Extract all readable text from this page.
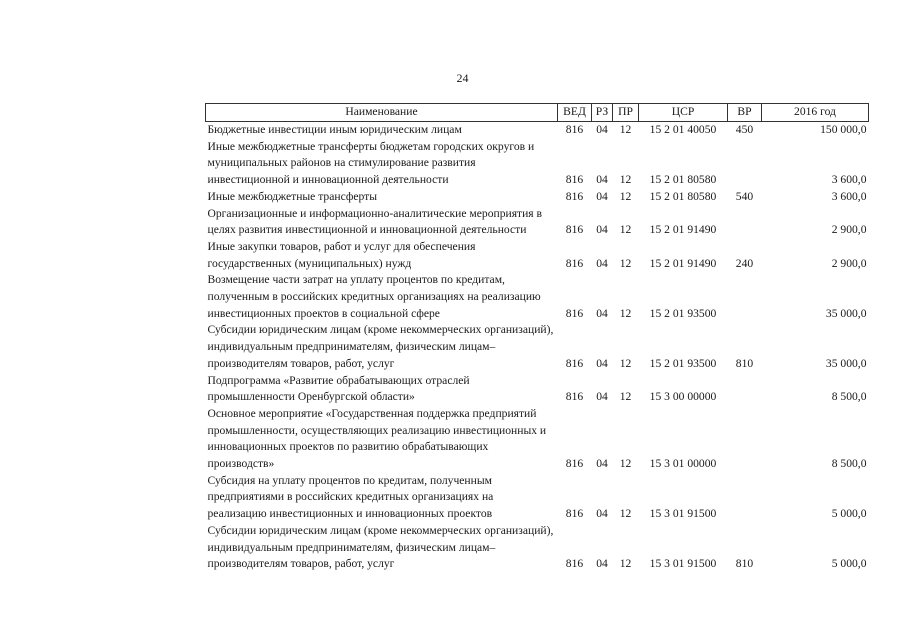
24
Наименование	ВЕД	РЗ	ПР	ЦСР	ВР	2016 год
Бюджетные инвестиции иным юридическим лицам	816	04	12	15 2 01 40050	450	150 000,0
Иные межбюджетные трансферты бюджетам городских округов и муниципальных районов на стимулирование развития инвестиционной и инновационной деятельности	816	04	12	15 2 01 80580		3 600,0
Иные межбюджетные трансферты	816	04	12	15 2 01 80580	540	3 600,0
Организационные и информационно-аналитические мероприятия в целях развития инвестиционной и инновационной деятельности	816	04	12	15 2 01 91490		2 900,0
Иные закупки товаров, работ и услуг для обеспечения государственных (муниципальных) нужд	816	04	12	15 2 01 91490	240	2 900,0
Возмещение части затрат на уплату процентов по кредитам, полученным в российских кредитных организациях на реализацию инвестиционных проектов в социальной сфере	816	04	12	15 2 01 93500		35 000,0
Субсидии юридическим лицам (кроме некоммерческих организаций), индивидуальным предпринимателям, физическим лицам–производителям товаров, работ, услуг	816	04	12	15 2 01 93500	810	35 000,0
Подпрограмма «Развитие обрабатывающих отраслей промышленности Оренбургской области»	816	04	12	15 3 00 00000		8 500,0
Основное мероприятие «Государственная поддержка предприятий промышленности, осуществляющих реализацию инвестиционных и инновационных проектов по развитию обрабатывающих производств»	816	04	12	15 3 01 00000		8 500,0
Субсидия на уплату процентов по кредитам, полученным предприятиями в российских кредитных организациях на реализацию инвестиционных и инновационных проектов	816	04	12	15 3 01 91500		5 000,0
Субсидии юридическим лицам (кроме некоммерческих организаций), индивидуальным предпринимателям, физическим лицам–производителям товаров, работ, услуг	816	04	12	15 3 01 91500	810	5 000,0
